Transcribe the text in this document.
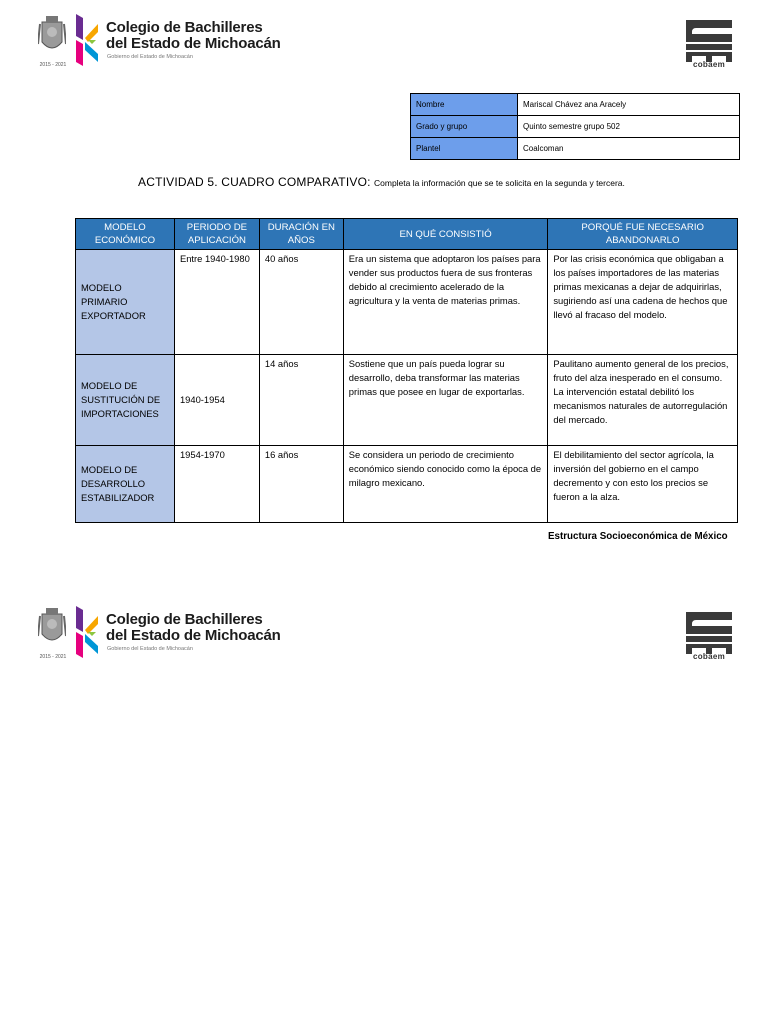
2015 - 2021
Colegio de Bachilleres
del Estado de Michoacán
Gobierno del Estado de Michoacán
cobaem
Nombre	Mariscal Chávez ana Aracely
Grado y grupo	Quinto semestre grupo 502
Plantel	Coalcoman
ACTIVIDAD 5. CUADRO COMPARATIVO: Completa la información que se te solicita en la segunda y tercera.
MODELO ECONÓMICO	PERIODO DE APLICACIÓN	DURACIÓN EN AÑOS	EN QUÉ CONSISTIÓ	PORQUÉ FUE NECESARIO ABANDONARLO
MODELO PRIMARIO EXPORTADOR	Entre 1940-1980	40 años	Era un sistema que adoptaron los países para vender sus productos fuera de sus fronteras debido al crecimiento acelerado de la agricultura y la venta de materias primas.	Por las crisis económica que obligaban a los países importadores de las materias primas mexicanas a dejar de adquirirlas, sugiriendo así una cadena de hechos que llevó al fracaso del modelo.
MODELO DE SUSTITUCIÓN DE IMPORTACIONES	1940-1954	14 años	Sostiene que un país pueda lograr su desarrollo, deba transformar las materias primas que posee en lugar de exportarlas.	Paulitano aumento general de los precios, fruto del alza inesperado en el consumo.
La intervención estatal debilitó los mecanismos naturales de autorregulación del mercado.
MODELO DE DESARROLLO ESTABILIZADOR	1954-1970	16 años	Se considera un periodo de crecimiento económico siendo conocido como la época de milagro mexicano.	El debilitamiento del sector agrícola, la inversión del gobierno en el campo decremento y con esto los precios se fueron a la alza.
Estructura Socioeconómica de México
2015 - 2021
Colegio de Bachilleres
del Estado de Michoacán
Gobierno del Estado de Michoacán
cobaem
